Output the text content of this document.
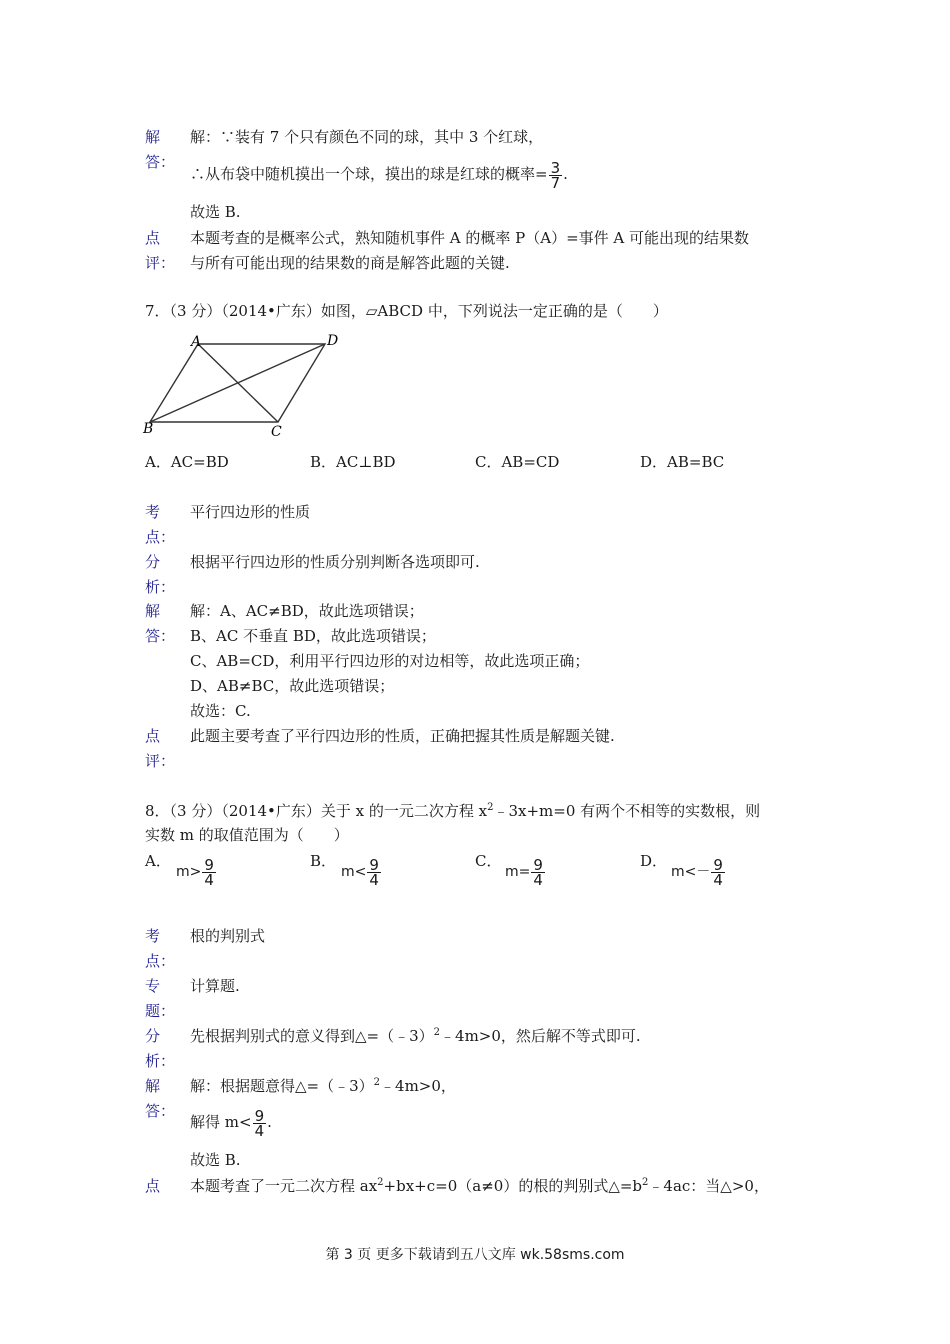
解
答：
解：∵装有 7 个只有颜色不同的球，其中 3 个红球，
∴从布袋中随机摸出一个球，摸出的球是红球的概率= $\frac{3}{7}$ .
故选 B.
点
评：
本题考查的是概率公式，熟知随机事件 A 的概率 P（A）=事件 A 可能出现的结果数
与所有可能出现的结果数的商是解答此题的关键.
7．（3 分）（2014•广东）如图，▱ABCD 中，下列说法一定正确的是（　　）
A	D
B	C
A．AC=BD	B．AC⊥BD	C．AB=CD	D．AB=BC
考
点：
平行四边形的性质
分
析：
根据平行四边形的性质分别判断各选项即可.
解
答：
解：A、AC≠BD，故此选项错误；
B、AC 不垂直 BD，故此选项错误；
C、AB=CD，利用平行四边形的对边相等，故此选项正确；
D、AB≠BC，故此选项错误；
故选：C.
点
评：
此题主要考查了平行四边形的性质，正确把握其性质是解题关键.
8．（3 分）（2014•广东）关于 x 的一元二次方程 $x^2﹣3x+m=0$ 有两个不相等的实数根，则
实数 m 的取值范围为（　　）
A．
$m> \frac{9}{4}$	B．
$m< \frac{9}{4}$	C．
$m= \frac{9}{4}$	D．
$m<- \frac{9}{4}$
考
点：
根的判别式
专
题：
计算题.
分
析：
先根据判别式的意义得到△=（﹣3）$^2$﹣4m>0，然后解不等式即可.
解
答：
解：根据题意得△=（﹣3）$^2$﹣4m>0，
解得 $m< \frac{9}{4}$ .
故选 B.
点 本题考查了一元二次方程 $ax^2+bx+c=0(a\ne 0)$的根的判别式$\triangle=b^2﹣4ac$：当△>0，
第 3 页 更多下载请到五八文库 wk.58sms.com
